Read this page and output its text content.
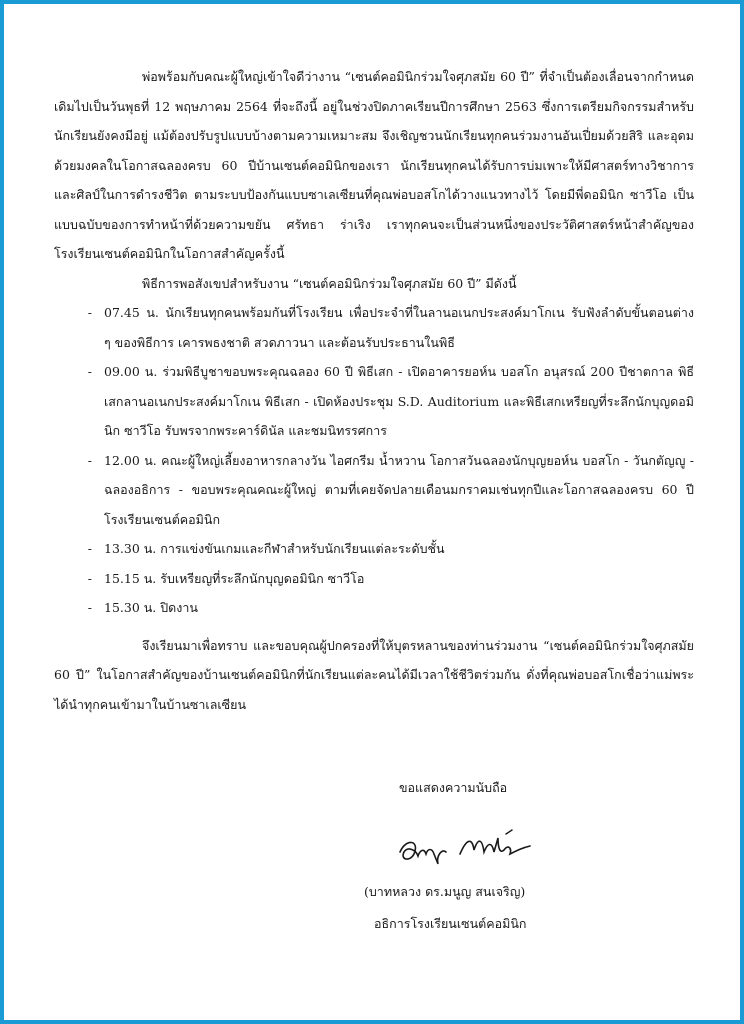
พ่อพร้อมกับคณะผู้ใหญ่เข้าใจดีว่างาน “เซนต์คอมินิกร่วมใจศุภสมัย 60 ปี” ที่จำเป็นต้องเลื่อนจากกำหนดเดิมไปเป็นวันพุธที่ 12 พฤษภาคม 2564 ที่จะถึงนี้ อยู่ในช่วงปิดภาคเรียนปีการศึกษา 2563 ซึ่งการเตรียมกิจกรรมสำหรับนักเรียนยังคงมีอยู่ แม้ต้องปรับรูปแบบบ้างตามความเหมาะสม จึงเชิญชวนนักเรียนทุกคนร่วมงานอันเปี่ยมด้วยสิริ และอุดมด้วยมงคลในโอกาสฉลองครบ 60 ปีบ้านเซนต์คอมินิกของเรา นักเรียนทุกคนได้รับการบ่มเพาะให้มีศาสตร์ทางวิชาการ และศิลป์ในการดำรงชีวิต ตามระบบป้องกันแบบซาเลเซียนที่คุณพ่อบอสโกได้วางแนวทางไว้ โดยมีพี่ดอมินิก ซาวีโอ เป็นแบบฉบับของการทำหน้าที่ด้วยความขยัน ศรัทธา ร่าเริง เราทุกคนจะเป็นส่วนหนึ่งของประวัติศาสตร์หน้าสำคัญของโรงเรียนเซนต์คอมินิกในโอกาสสำคัญครั้งนี้

พิธีการพอสังเขปสำหรับงาน “เซนต์คอมินิกร่วมใจศุภสมัย 60 ปี” มีดังนี้

- 07.45 น. นักเรียนทุกคนพร้อมกันที่โรงเรียน เพื่อประจำที่ในลานอเนกประสงค์มาโกเน รับฟังลำดับขั้นตอนต่าง ๆ ของพิธีการ เคารพธงชาติ สวดภาวนา และต้อนรับประธานในพิธี
- 09.00 น. ร่วมพิธีบูชาขอบพระคุณฉลอง 60 ปี พิธีเสก - เปิดอาคารยอห์น บอสโก อนุสรณ์ 200 ปีชาตกาล พิธีเสกลานอเนกประสงค์มาโกเน พิธีเสก - เปิดห้องประชุม S.D. Auditorium และพิธีเสกเหรียญที่ระลึกนักบุญดอมินิก ซาวีโอ รับพรจากพระคาร์ดินัล และชมนิทรรศการ
- 12.00 น. คณะผู้ใหญ่เลี้ยงอาหารกลางวัน ไอศกรีม น้ำหวาน โอกาสวันฉลองนักบุญยอห์น บอสโก - วันกตัญญู - ฉลองอธิการ - ขอบพระคุณคณะผู้ใหญ่ ตามที่เคยจัดปลายเดือนมกราคมเช่นทุกปีและโอกาสฉลองครบ 60 ปีโรงเรียนเซนต์คอมินิก
- 13.30 น. การแข่งขันเกมและกีฬาสำหรับนักเรียนแต่ละระดับชั้น
- 15.15 น. รับเหรียญที่ระลึกนักบุญดอมินิก ซาวีโอ
- 15.30 น. ปิดงาน

จึงเรียนมาเพื่อทราบ และขอบคุณผู้ปกครองที่ให้บุตรหลานของท่านร่วมงาน “เซนต์คอมินิกร่วมใจศุภสมัย 60 ปี” ในโอกาสสำคัญของบ้านเซนต์คอมินิกที่นักเรียนแต่ละคนได้มีเวลาใช้ชีวิตร่วมกัน ดั่งที่คุณพ่อบอสโกเชื่อว่าแม่พระได้นำทุกคนเข้ามาในบ้านซาเลเซียน

ขอแสดงความนับถือ
(บาทหลวง ดร.มนูญ สนเจริญ)
อธิการโรงเรียนเซนต์คอมินิก
